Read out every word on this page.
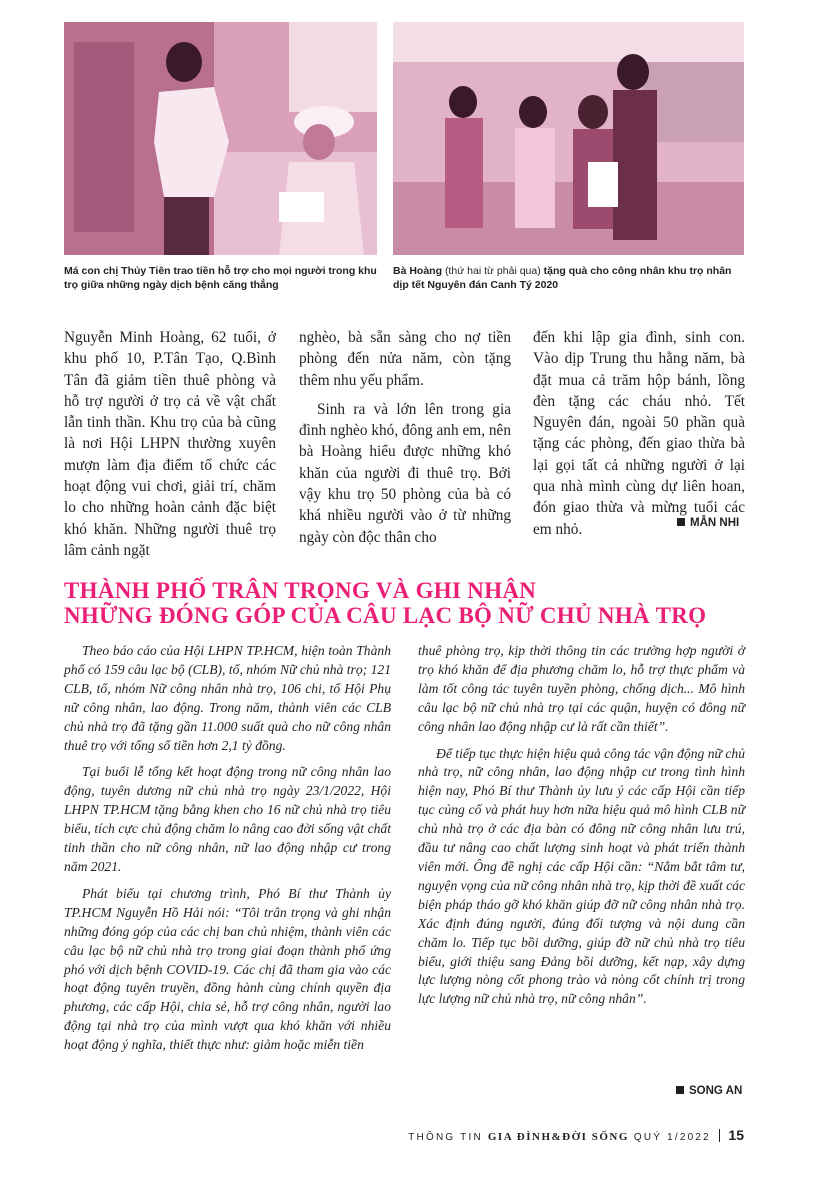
Má con chị Thủy Tiên trao tiền hỗ trợ cho mọi người trong khu trọ giữa những ngày dịch bệnh căng thẳng
Bà Hoàng (thứ hai từ phải qua) tặng quà cho công nhân khu trọ nhân dịp tết Nguyên đán Canh Tý 2020

Nguyễn Minh Hoàng, 62 tuổi, ở khu phố 10, P.Tân Tạo, Q.Bình Tân đã giảm tiền thuê phòng và hỗ trợ người ở trọ cả về vật chất lẫn tinh thần. Khu trọ của bà cũng là nơi Hội LHPN thường xuyên mượn làm địa điểm tổ chức các hoạt động vui chơi, giải trí, chăm lo cho những hoàn cảnh đặc biệt khó khăn. Những người thuê trọ lâm cảnh ngặt

nghèo, bà sẵn sàng cho nợ tiền phòng đến nửa năm, còn tặng thêm nhu yếu phẩm.

Sinh ra và lớn lên trong gia đình nghèo khó, đông anh em, nên bà Hoàng hiểu được những khó khăn của người đi thuê trọ. Bởi vậy khu trọ 50 phòng của bà có khá nhiều người vào ở từ những ngày còn độc thân cho

đến khi lập gia đình, sinh con. Vào dịp Trung thu hằng năm, bà đặt mua cả trăm hộp bánh, lồng đèn tặng các cháu nhỏ. Tết Nguyên đán, ngoài 50 phần quà tặng các phòng, đến giao thừa bà lại gọi tất cả những người ở lại qua nhà mình cùng dự liên hoan, đón giao thừa và mừng tuổi các em nhỏ.	MẪN NHI
THÀNH PHỐ TRÂN TRỌNG VÀ GHI NHẬN
NHỮNG ĐÓNG GÓP CỦA CÂU LẠC BỘ NỮ CHỦ NHÀ TRỌ

Theo báo cáo của Hội LHPN TP.HCM, hiện toàn Thành phố có 159 câu lạc bộ (CLB), tổ, nhóm Nữ chủ nhà trọ; 121 CLB, tổ, nhóm Nữ công nhân nhà trọ, 106 chi, tổ Hội Phụ nữ công nhân, lao động. Trong năm, thành viên các CLB chủ nhà trọ đã tặng gần 11.000 suất quà cho nữ công nhân thuê trọ với tổng số tiền hơn 2,1 tỷ đồng.

Tại buổi lễ tổng kết hoạt động trong nữ công nhân lao động, tuyên dương nữ chủ nhà trọ ngày 23/1/2022, Hội LHPN TP.HCM tặng bằng khen cho 16 nữ chủ nhà trọ tiêu biểu, tích cực chủ động chăm lo nâng cao đời sống vật chất tinh thần cho nữ công nhân, nữ lao động nhập cư trong năm 2021.

Phát biểu tại chương trình, Phó Bí thư Thành ủy TP.HCM Nguyễn Hồ Hải nói: “Tôi trân trọng và ghi nhận những đóng góp của các chị ban chủ nhiệm, thành viên các câu lạc bộ nữ chủ nhà trọ trong giai đoạn thành phố ứng phó với dịch bệnh COVID-19. Các chị đã tham gia vào các hoạt động tuyên truyền, đồng hành cùng chính quyền địa phương, các cấp Hội, chia sẻ, hỗ trợ công nhân, người lao động tại nhà trọ của mình vượt qua khó khăn với nhiều hoạt động ý nghĩa, thiết thực như: giảm hoặc miễn tiền

thuê phòng trọ, kịp thời thông tin các trường hợp người ở trọ khó khăn để địa phương chăm lo, hỗ trợ thực phẩm và làm tốt công tác tuyên tuyền phòng, chống dịch... Mô hình câu lạc bộ nữ chủ nhà trọ tại các quận, huyện có đông nữ công nhân lao động nhập cư là rất cần thiết”.

Để tiếp tục thực hiện hiệu quả công tác vận động nữ chủ nhà trọ, nữ công nhân, lao động nhập cư trong tình hình hiện nay, Phó Bí thư Thành ủy lưu ý các cấp Hội cần tiếp tục củng cố và phát huy hơn nữa hiệu quả mô hình CLB nữ chủ nhà trọ ở các địa bàn có đông nữ công nhân lưu trú, đầu tư nâng cao chất lượng sinh hoạt và phát triển thành viên mới. Ông đề nghị các cấp Hội cần: “Nắm bắt tâm tư, nguyện vọng của nữ công nhân nhà trọ, kịp thời đề xuất các biện pháp tháo gỡ khó khăn giúp đỡ nữ công nhân nhà trọ. Xác định đúng người, đúng đối tượng và nội dung cần chăm lo. Tiếp tục bồi dưỡng, giúp đỡ nữ chủ nhà trọ tiêu biểu, giới thiệu sang Đảng bồi dưỡng, kết nạp, xây dựng lực lượng nòng cốt phong trào và nòng cốt chính trị trong lực lượng nữ chủ nhà trọ, nữ công nhân”.

SONG AN
THÔNG TIN GIA ĐÌNH&ĐỜI SỐNG QUÝ 1/2022 15
